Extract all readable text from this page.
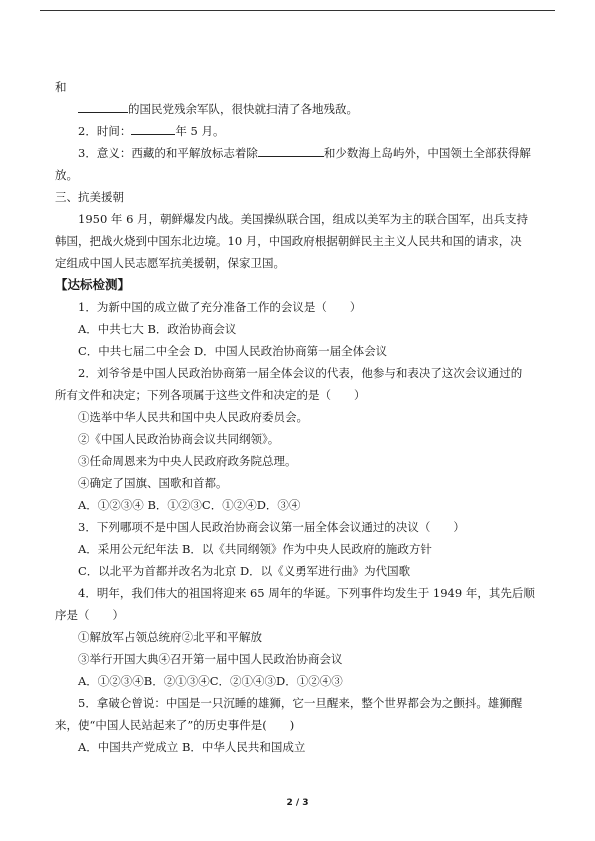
和
的国民党残余军队，很快就扫清了各地残敌。
2．时间：	年 5 月。
3．意义：西藏的和平解放标志着除	和少数海上岛屿外，中国领土全部获得解
放。
三、抗美援朝
1950 年 6 月，朝鲜爆发内战。美国操纵联合国，组成以美军为主的联合国军，出兵支持
韩国，把战火烧到中国东北边境。10 月，中国政府根据朝鲜民主主义人民共和国的请求，决
定组成中国人民志愿军抗美援朝，保家卫国。
【达标检测】
1．为新中国的成立做了充分准备工作的会议是（　　）
A．中共七大 B．政治协商会议
C．中共七届二中全会 D．中国人民政治协商第一届全体会议
2．刘爷爷是中国人民政治协商第一届全体会议的代表，他参与和表决了这次会议通过的
所有文件和决定；下列各项属于这些文件和决定的是（　　）
①选举中华人民共和国中央人民政府委员会。
②《中国人民政治协商会议共同纲领》。
③任命周恩来为中央人民政府政务院总理。
④确定了国旗、国歌和首都。
A．①②③④ B．①②③C．①②④D．③④
3．下列哪项不是中国人民政治协商会议第一届全体会议通过的决议（　　）
A．采用公元纪年法 B．以《共同纲领》作为中央人民政府的施政方针
C．以北平为首都并改名为北京 D．以《义勇军进行曲》为代国歌
4．明年，我们伟大的祖国将迎来 65 周年的华诞。下列事件均发生于 1949 年，其先后顺
序是（　　）
①解放军占领总统府②北平和平解放
③举行开国大典④召开第一届中国人民政治协商会议
A．①②③④B．②①③④C．②①④③D．①②④③
5．拿破仑曾说：中国是一只沉睡的雄狮，它一旦醒来，整个世界都会为之颤抖。雄狮醒
来，使“中国人民站起来了”的历史事件是(　　)
A．中国共产党成立 B．中华人民共和国成立
2 / 3
